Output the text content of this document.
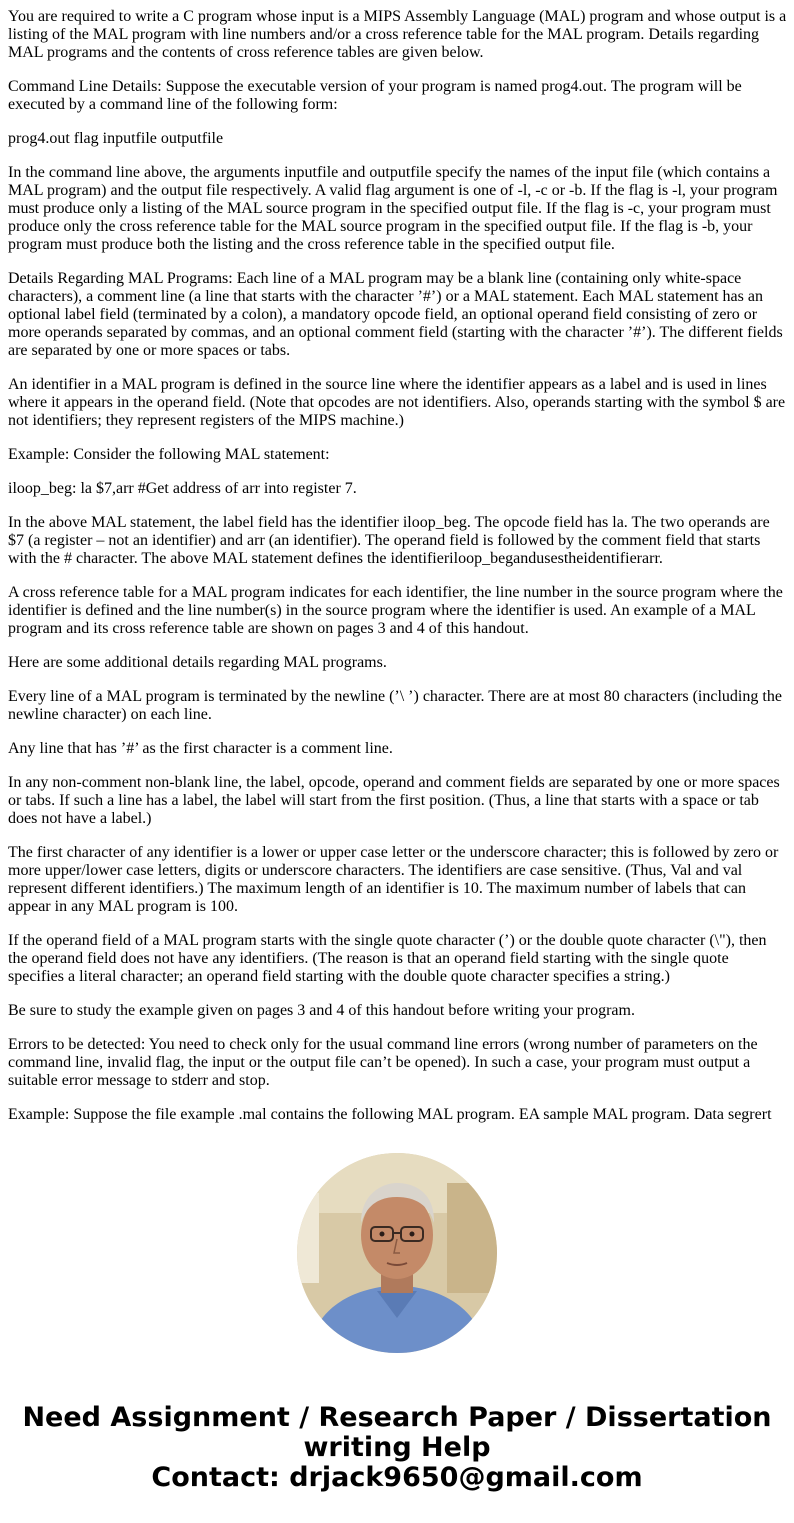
You are required to write a C program whose input is a MIPS Assembly Language (MAL) program and whose output is a listing of the MAL program with line numbers and/or a cross reference table for the MAL program. Details regarding MAL programs and the contents of cross reference tables are given below.

Command Line Details: Suppose the executable version of your program is named prog4.out. The program will be executed by a command line of the following form:

prog4.out flag inputfile outputfile

In the command line above, the arguments inputfile and outputfile specify the names of the input file (which contains a MAL program) and the output file respectively. A valid flag argument is one of -l, -c or -b. If the flag is -l, your program must produce only a listing of the MAL source program in the specified output file. If the flag is -c, your program must produce only the cross reference table for the MAL source program in the specified output file. If the flag is -b, your program must produce both the listing and the cross reference table in the specified output file.

Details Regarding MAL Programs: Each line of a MAL program may be a blank line (containing only white-space characters), a comment line (a line that starts with the character ’#’) or a MAL statement. Each MAL statement has an optional label field (terminated by a colon), a mandatory opcode field, an optional operand field consisting of zero or more operands separated by commas, and an optional comment field (starting with the character ’#’). The different fields are separated by one or more spaces or tabs.

An identifier in a MAL program is defined in the source line where the identifier appears as a label and is used in lines where it appears in the operand field. (Note that opcodes are not identifiers. Also, operands starting with the symbol $ are not identifiers; they represent registers of the MIPS machine.)

Example: Consider the following MAL statement:

iloop_beg: la $7,arr #Get address of arr into register 7.

In the above MAL statement, the label field has the identifier iloop_beg. The opcode field has la. The two operands are $7 (a register – not an identifier) and arr (an identifier). The operand field is followed by the comment field that starts with the # character. The above MAL statement defines the identifieriloop_begandusestheidentifierarr.

A cross reference table for a MAL program indicates for each identifier, the line number in the source program where the identifier is defined and the line number(s) in the source program where the identifier is used. An example of a MAL program and its cross reference table are shown on pages 3 and 4 of this handout.

Here are some additional details regarding MAL programs.

Every line of a MAL program is terminated by the newline (’\ ’) character. There are at most 80 characters (including the newline character) on each line.

Any line that has ’#’ as the first character is a comment line.

In any non-comment non-blank line, the label, opcode, operand and comment fields are separated by one or more spaces or tabs. If such a line has a label, the label will start from the first position. (Thus, a line that starts with a space or tab does not have a label.)

The first character of any identifier is a lower or upper case letter or the underscore character; this is followed by zero or more upper/lower case letters, digits or underscore characters. The identifiers are case sensitive. (Thus, Val and val represent different identifiers.) The maximum length of an identifier is 10. The maximum number of labels that can appear in any MAL program is 100.

If the operand field of a MAL program starts with the single quote character (’) or the double quote character (\"), then the operand field does not have any identifiers. (The reason is that an operand field starting with the single quote specifies a literal character; an operand field starting with the double quote character specifies a string.)

Be sure to study the example given on pages 3 and 4 of this handout before writing your program.

Errors to be detected: You need to check only for the usual command line errors (wrong number of parameters on the command line, invalid flag, the input or the output file can’t be opened). In such a case, your program must output a suitable error message to stderr and stop.

Example: Suppose the file example .mal contains the following MAL program. EA sample MAL program. Data segrert

Need Assignment / Research Paper / Dissertation
writing Help
Contact: drjack9650@gmail.com
